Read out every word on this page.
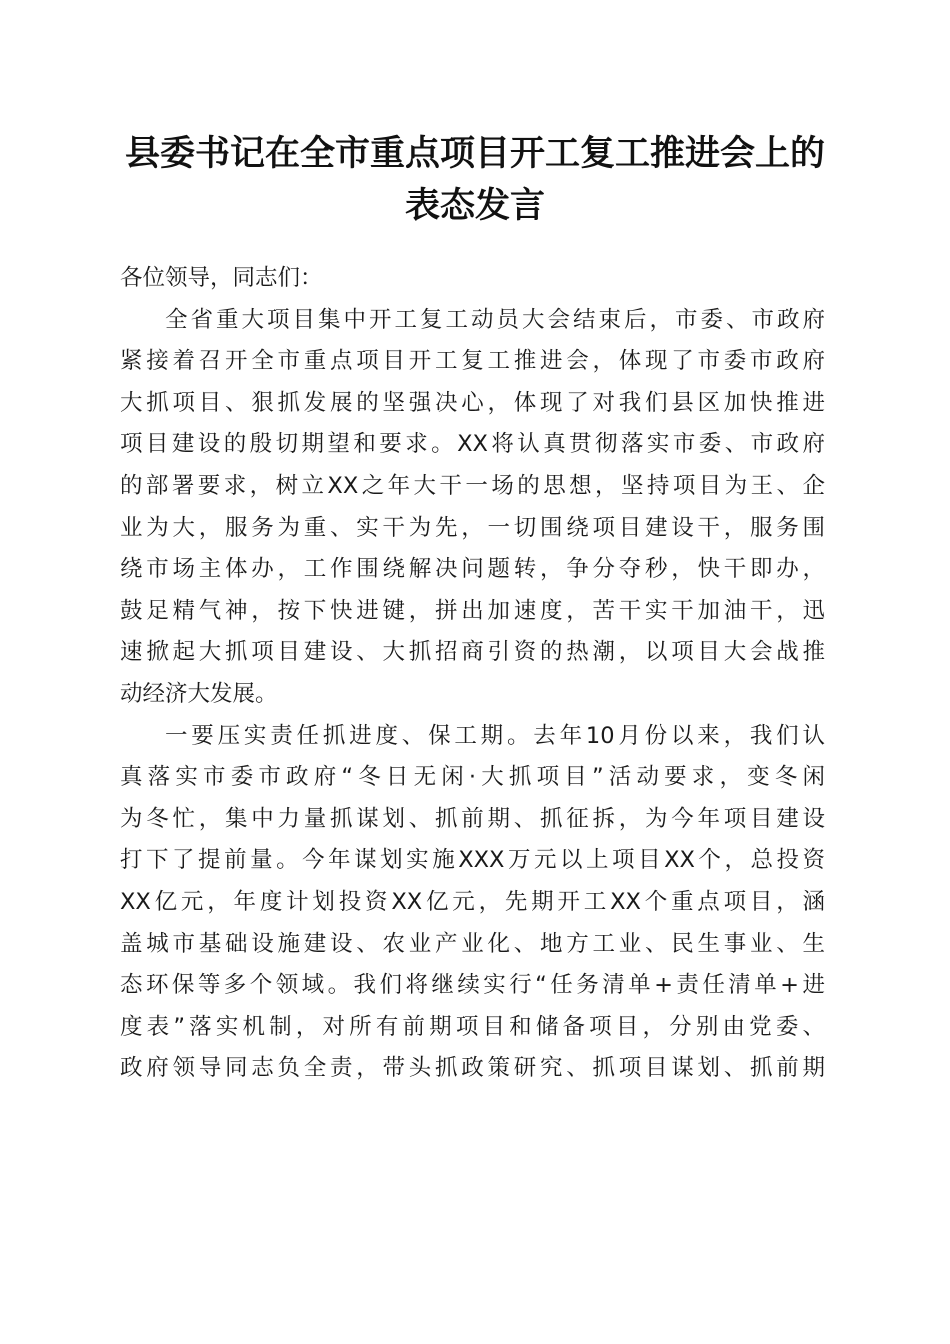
县委书记在全市重点项目开工复工推进会上的
表态发言
各位领导，同志们：
全省重大项目集中开工复工动员大会结束后，市委、市政府
紧接着召开全市重点项目开工复工推进会，体现了市委市政府
大抓项目、狠抓发展的坚强决心，体现了对我们县区加快推进
项目建设的殷切期望和要求。XX将认真贯彻落实市委、市政府
的部署要求，树立XX之年大干一场的思想，坚持项目为王、企
业为大，服务为重、实干为先，一切围绕项目建设干，服务围
绕市场主体办，工作围绕解决问题转，争分夺秒，快干即办，
鼓足精气神，按下快进键，拼出加速度，苦干实干加油干，迅
速掀起大抓项目建设、大抓招商引资的热潮，以项目大会战推
动经济大发展。
一要压实责任抓进度、保工期。去年10月份以来，我们认
真落实市委市政府“冬日无闲·大抓项目”活动要求，变冬闲
为冬忙，集中力量抓谋划、抓前期、抓征拆，为今年项目建设
打下了提前量。今年谋划实施XXX万元以上项目XX个，总投资
XX亿元，年度计划投资XX亿元，先期开工XX个重点项目，涵
盖城市基础设施建设、农业产业化、地方工业、民生事业、生
态环保等多个领域。我们将继续实行“任务清单+责任清单+进
度表”落实机制，对所有前期项目和储备项目，分别由党委、
政府领导同志负全责，带头抓政策研究、抓项目谋划、抓前期
